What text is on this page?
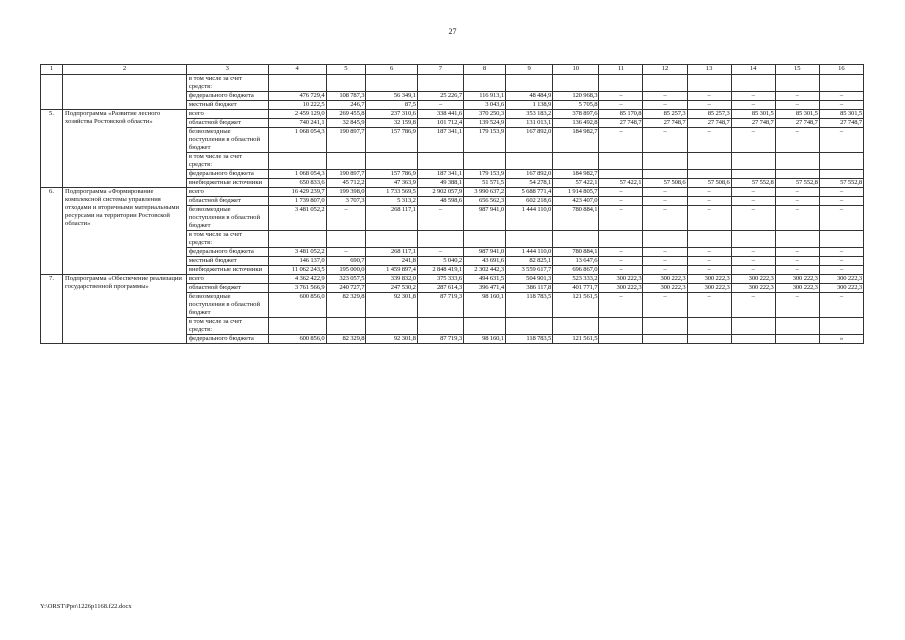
27
1	2	3	4	5	6	7	8	9	10	11	12	13	14	15	16
		в том числе за счет средств:													
		федерального бюджета	476 729,4	108 787,3	56 349,1	25 226,7	116 913,1	48 484,9	120 968,3	–	–	–	–	–	–
		местный бюджет	10 222,5	246,7	87,5	–	3 043,6	1 138,9	5 705,8	–	–	–	–	–	–
5.	Подпрограмма «Развитие лесного хозяйства Ростовской области»	всего	2 459 129,0	269 455,8	237 310,6	338 441,6	370 250,3	353 183,2	378 897,6	85 170,8	85 257,3	85 257,3	85 301,5	85 301,5	85 301,5
		областной бюджет	740 241,1	32 845,9	32 159,8	101 712,4	139 524,9	131 013,1	136 492,8	27 748,7	27 748,7	27 748,7	27 748,7	27 748,7	27 748,7
		безвозмездные поступления в областной бюджет	1 068 054,3	190 897,7	157 786,9	187 341,1	179 153,9	167 892,0	184 982,7	–	–	–	–	–	–
		в том числе за счет средств:													
		федерального бюджета	1 068 054,3	190 897,7	157 786,9	187 341,1	179 153,9	167 892,0	184 982,7						
		внебюджетные источники	650 833,6	45 712,2	47 363,9	49 388,1	51 571,5	54 278,1	57 422,1	57 422,1	57 508,6	57 508,6	57 552,8	57 552,8	57 552,8
6.	Подпрограмма «Формирование комплексной системы управления отходами и вторичными материальными ресурсами на территории Ростовской области»	всего	16 429 239,7	199 398,0	1 733 569,5	2 902 057,9	3 990 637,2	5 688 771,4	1 914 805,7	–	–	–	–	–	–
		областной бюджет	1 739 807,0	3 707,3	5 313,2	48 598,6	656 562,3	602 218,6	423 407,0	–	–	–	–	–	–
		безвозмездные поступления в областной бюджет	3 481 052,2	–	268 117,1	–	987 941,0	1 444 110,0	780 884,1	–	–	–	–	–	–
		в том числе за счет средств:													
		федерального бюджета	3 481 052,2	–	268 117,1	–	987 941,0	1 444 110,0	780 884,1	–	–	–	–	–	–
		местный бюджет	146 137,0	690,7	241,8	5 040,2	43 691,6	82 825,1	13 647,6	–	–	–	–	–	–
		внебюджетные источники	11 062 243,5	195 000,0	1 459 897,4	2 848 419,1	2 302 442,3	3 559 617,7	696 867,0	–	–	–	–	–	–
7.	Подпрограмма «Обеспечение реализации государственной программы»	всего	4 362 422,9	323 057,5	339 832,0	375 333,6	494 631,5	504 901,3	523 333,2	300 222,3	300 222,3	300 222,3	300 222,3	300 222,3	300 222,3
		областной бюджет	3 761 566,9	240 727,7	247 530,2	287 614,3	396 471,4	386 117,8	401 771,7	300 222,3	300 222,3	300 222,3	300 222,3	300 222,3	300 222,3
		безвозмездные поступления в областной бюджет	600 856,0	82 329,8	92 301,8	87 719,3	98 160,1	118 783,5	121 561,5	–	–	–	–	–	–
		в том числе за счет средств:													
		федерального бюджета	600 856,0	82 329,8	92 301,8	87 719,3	98 160,1	118 783,5	121 561,5						»
Y:\ORST\Ppo\1226p1168.f22.docx
